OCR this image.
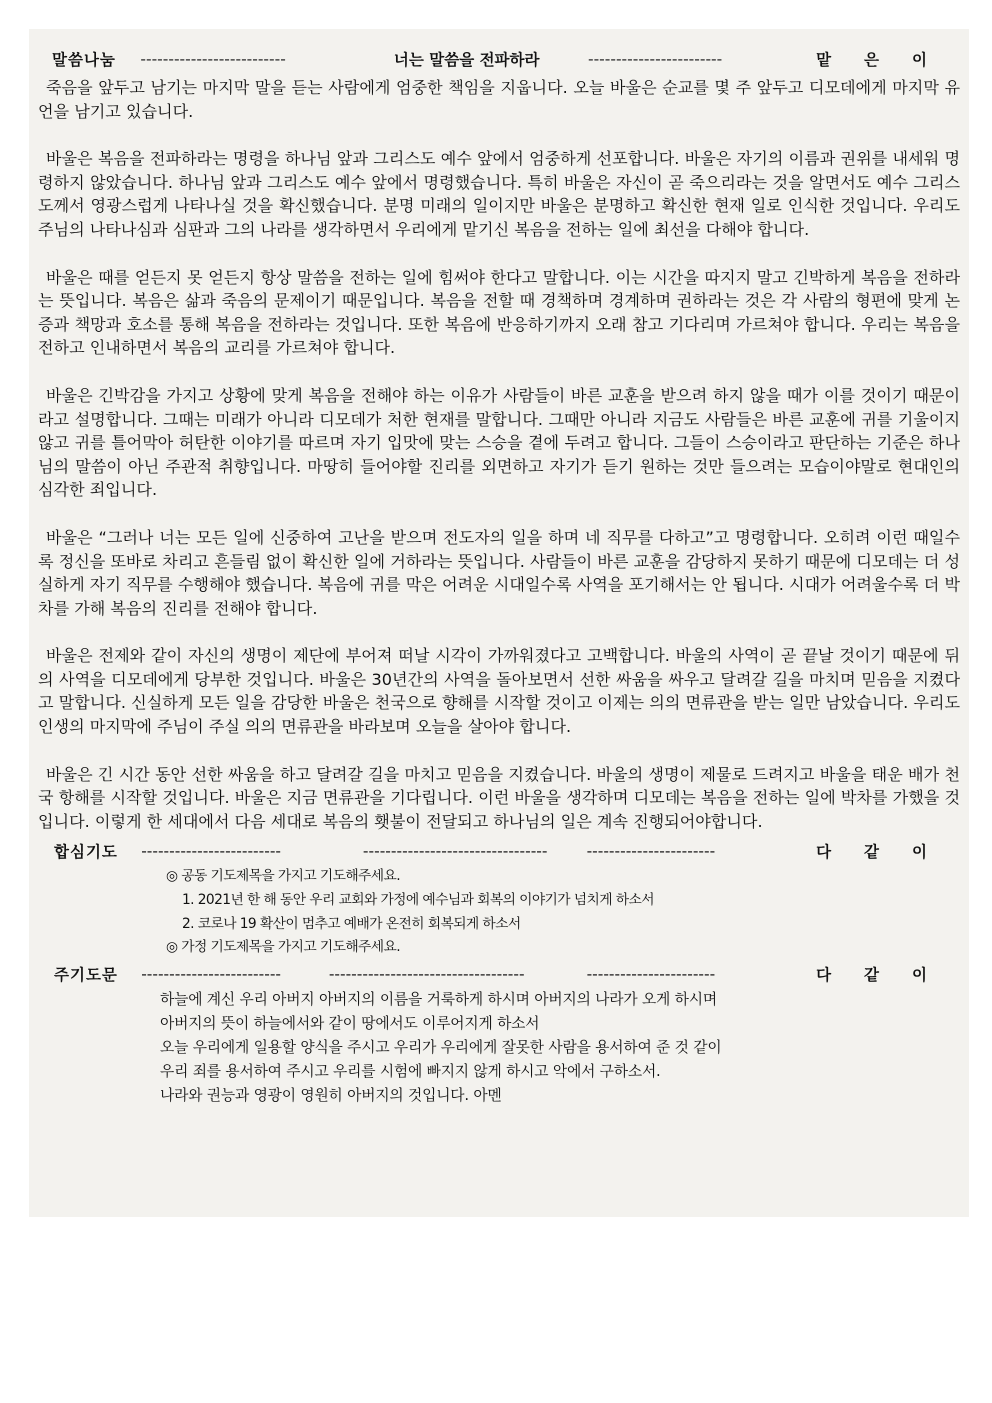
말씀나눔	--------------------------	너는 말씀을 전파하라	------------------------	맡은이

죽음을 앞두고 남기는 마지막 말을 듣는 사람에게 엄중한 책임을 지웁니다. 오늘 바울은 순교를 몇 주 앞두고 디모데에게 마지막 유언을 남기고 있습니다.

바울은 복음을 전파하라는 명령을 하나님 앞과 그리스도 예수 앞에서 엄중하게 선포합니다. 바울은 자기의 이름과 권위를 내세워 명령하지 않았습니다. 하나님 앞과 그리스도 예수 앞에서 명령했습니다. 특히 바울은 자신이 곧 죽으리라는 것을 알면서도 예수 그리스도께서 영광스럽게 나타나실 것을 확신했습니다. 분명 미래의 일이지만 바울은 분명하고 확신한 현재 일로 인식한 것입니다. 우리도 주님의 나타나심과 심판과 그의 나라를 생각하면서 우리에게 맡기신 복음을 전하는 일에 최선을 다해야 합니다.

바울은 때를 얻든지 못 얻든지 항상 말씀을 전하는 일에 힘써야 한다고 말합니다. 이는 시간을 따지지 말고 긴박하게 복음을 전하라는 뜻입니다. 복음은 삶과 죽음의 문제이기 때문입니다. 복음을 전할 때 경책하며 경계하며 권하라는 것은 각 사람의 형편에 맞게 논증과 책망과 호소를 통해 복음을 전하라는 것입니다. 또한 복음에 반응하기까지 오래 참고 기다리며 가르쳐야 합니다. 우리는 복음을 전하고 인내하면서 복음의 교리를 가르쳐야 합니다.

바울은 긴박감을 가지고 상황에 맞게 복음을 전해야 하는 이유가 사람들이 바른 교훈을 받으려 하지 않을 때가 이를 것이기 때문이라고 설명합니다. 그때는 미래가 아니라 디모데가 처한 현재를 말합니다. 그때만 아니라 지금도 사람들은 바른 교훈에 귀를 기울이지 않고 귀를 틀어막아 허탄한 이야기를 따르며 자기 입맛에 맞는 스승을 곁에 두려고 합니다. 그들이 스승이라고 판단하는 기준은 하나님의 말씀이 아닌 주관적 취향입니다. 마땅히 들어야할 진리를 외면하고 자기가 듣기 원하는 것만 들으려는 모습이야말로 현대인의 심각한 죄입니다.

바울은 “그러나 너는 모든 일에 신중하여 고난을 받으며 전도자의 일을 하며 네 직무를 다하고”고 명령합니다. 오히려 이런 때일수록 정신을 또바로 차리고 흔들림 없이 확신한 일에 거하라는 뜻입니다. 사람들이 바른 교훈을 감당하지 못하기 때문에 디모데는 더 성실하게 자기 직무를 수행해야 했습니다. 복음에 귀를 막은 어려운 시대일수록 사역을 포기해서는 안 됩니다. 시대가 어려울수록 더 박차를 가해 복음의 진리를 전해야 합니다.

바울은 전제와 같이 자신의 생명이 제단에 부어져 떠날 시각이 가까워졌다고 고백합니다. 바울의 사역이 곧 끝날 것이기 때문에 뒤의 사역을 디모데에게 당부한 것입니다. 바울은 30년간의 사역을 돌아보면서 선한 싸움을 싸우고 달려갈 길을 마치며 믿음을 지켰다고 말합니다. 신실하게 모든 일을 감당한 바울은 천국으로 향해를 시작할 것이고 이제는 의의 면류관을 받는 일만 남았습니다. 우리도 인생의 마지막에 주님이 주실 의의 면류관을 바라보며 오늘을 살아야 합니다.

바울은 긴 시간 동안 선한 싸움을 하고 달려갈 길을 마치고 믿음을 지켰습니다. 바울의 생명이 제물로 드려지고 바울을 태운 배가 천국 항해를 시작할 것입니다. 바울은 지금 면류관을 기다립니다. 이런 바울을 생각하며 디모데는 복음을 전하는 일에 박차를 가했을 것입니다. 이렇게 한 세대에서 다음 세대로 복음의 횃불이 전달되고 하나님의 일은 계속 진행되어야합니다.

합심기도	-------------------------	---------------------------------	-----------------------	다같이
◎ 공동 기도제목을 가지고 기도해주세요.
1. 2021년 한 해 동안 우리 교회와 가정에 예수님과 회복의 이야기가 넘치게 하소서
2. 코로나 19 확산이 멈추고 예배가 온전히 회복되게 하소서
◎ 가정 기도제목을 가지고 기도해주세요.
주기도문	-------------------------	-----------------------------------	-----------------------	다같이
하늘에 계신 우리 아버지 아버지의 이름을 거룩하게 하시며 아버지의 나라가 오게 하시며
아버지의 뜻이 하늘에서와 같이 땅에서도 이루어지게 하소서
오늘 우리에게 일용할 양식을 주시고 우리가 우리에게 잘못한 사람을 용서하여 준 것 같이
우리 죄를 용서하여 주시고 우리를 시험에 빠지지 않게 하시고 악에서 구하소서.
나라와 권능과 영광이 영원히 아버지의 것입니다. 아멘
